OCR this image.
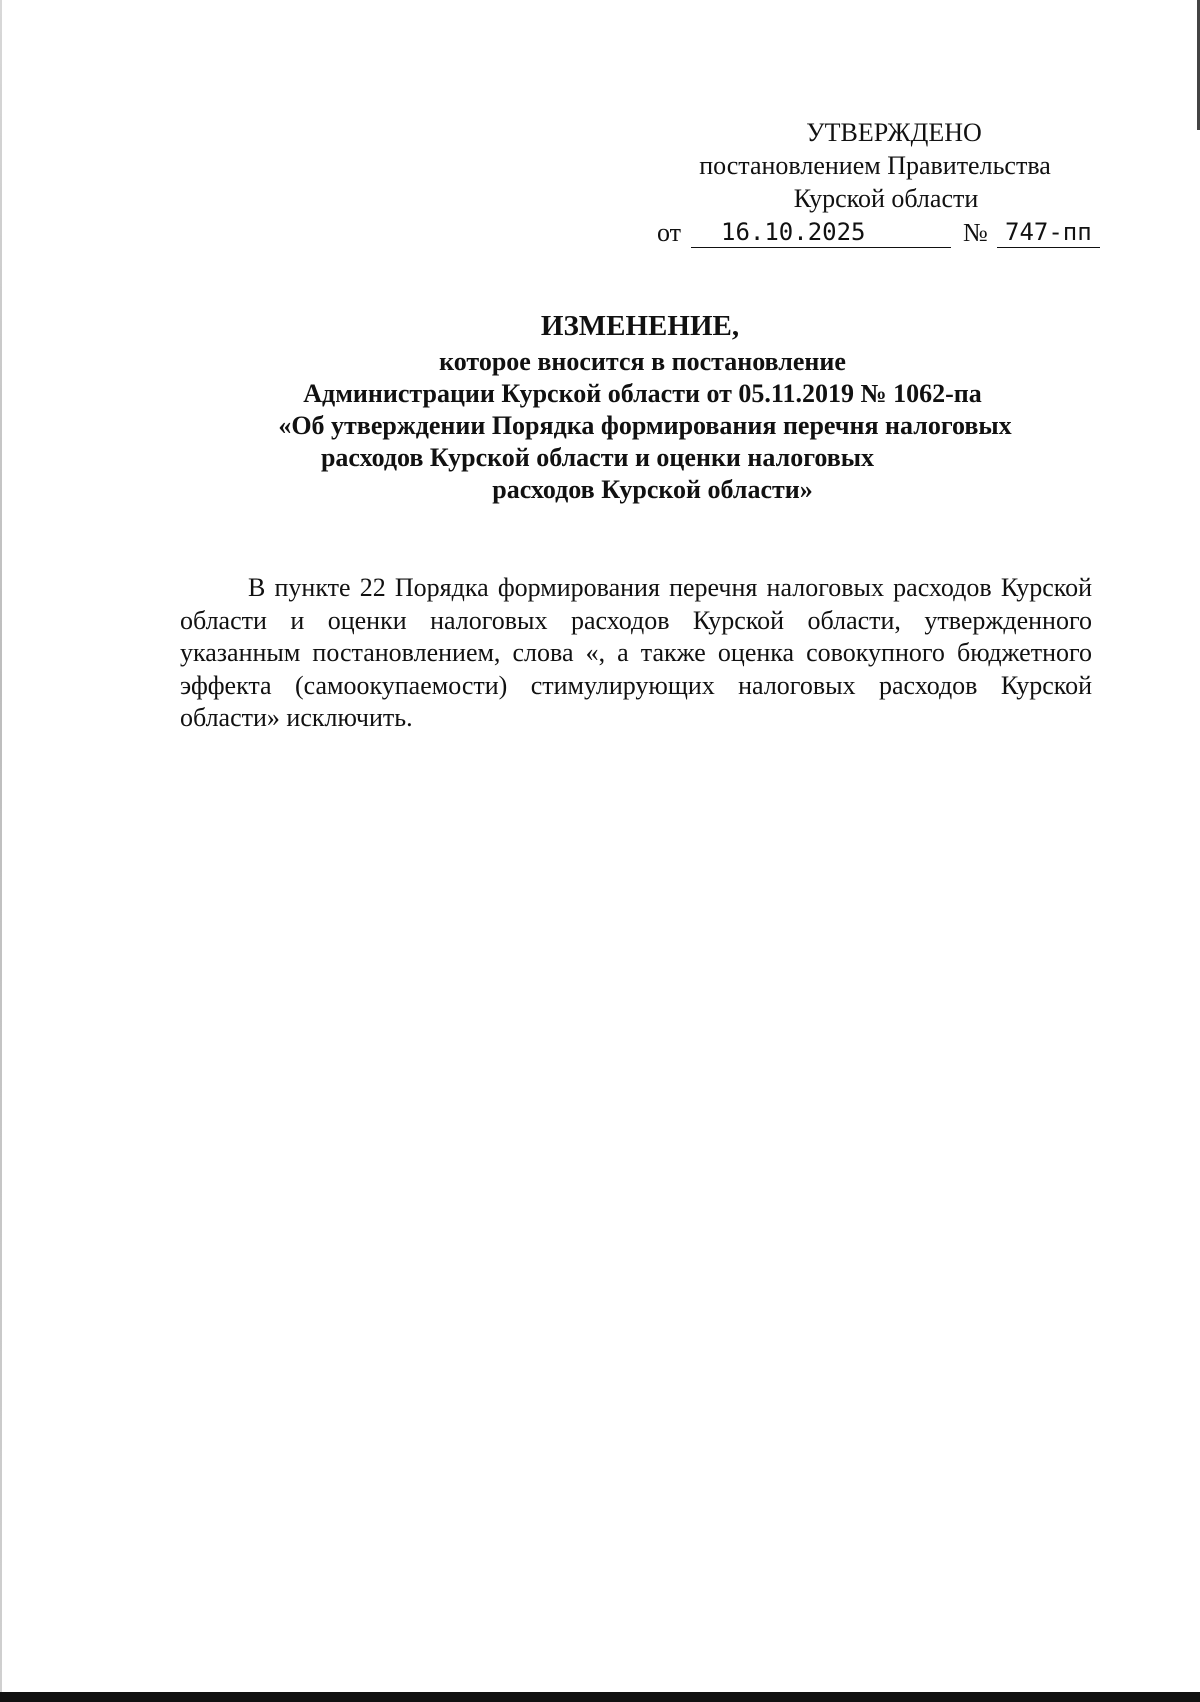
УТВЕРЖДЕНО
постановлением Правительства
Курской области
от	16.10.2025	№ 747-пп
ИЗМЕНЕНИЕ,
которое вносится в постановление
Администрации Курской области от 05.11.2019 № 1062-па
«Об утверждении Порядка формирования перечня налоговых
расходов Курской области и оценки налоговых
расходов Курской области»

В пункте 22 Порядка формирования перечня налоговых расходов Курской области и оценки налоговых расходов Курской области, утвержденного указанным постановлением, слова «, а также оценка совокупного бюджетного эффекта (самоокупаемости) стимулирующих налоговых расходов Курской области» исключить.
